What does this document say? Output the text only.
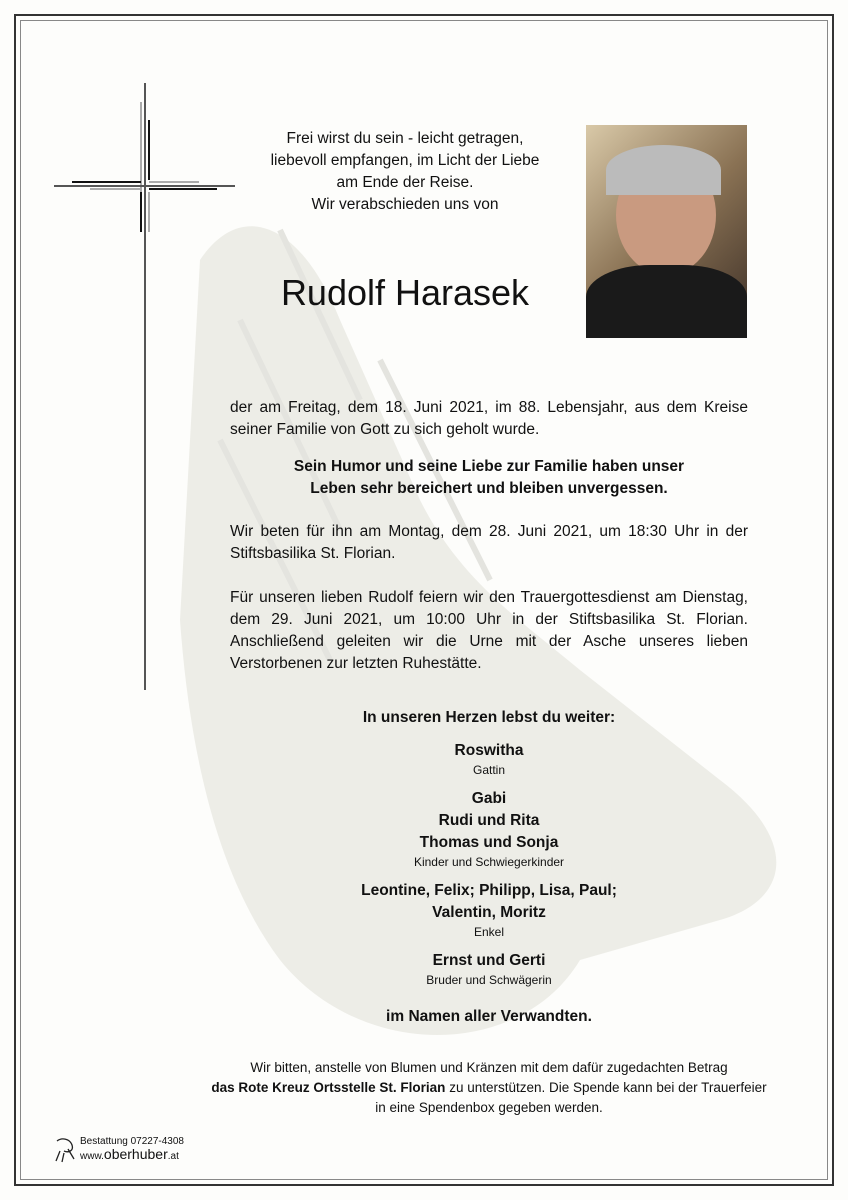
Frei wirst du sein - leicht getragen,
liebevoll empfangen, im Licht der Liebe
am Ende der Reise.
Wir verabschieden uns von
Rudolf Harasek
der am Freitag, dem 18. Juni 2021, im 88. Lebensjahr, aus dem Kreise seiner Familie von Gott zu sich geholt wurde.
Sein Humor und seine Liebe zur Familie haben unser
Leben sehr bereichert und bleiben unvergessen.
Wir beten für ihn am Montag, dem 28. Juni 2021, um 18:30 Uhr in der Stiftsbasilika St. Florian.
Für unseren lieben Rudolf feiern wir den Trauergottesdienst am Dienstag, dem 29. Juni 2021, um 10:00 Uhr in der Stiftsbasilika St. Florian. Anschließend geleiten wir die Urne mit der Asche unseres lieben Verstorbenen zur letzten Ruhestätte.
In unseren Herzen lebst du weiter:
Roswitha
Gattin
Gabi
Rudi und Rita
Thomas und Sonja
Kinder und Schwiegerkinder
Leontine, Felix; Philipp, Lisa, Paul;
Valentin, Moritz
Enkel
Ernst und Gerti
Bruder und Schwägerin
im Namen aller Verwandten.
Wir bitten, anstelle von Blumen und Kränzen mit dem dafür zugedachten Betrag
das Rote Kreuz Ortsstelle St. Florian zu unterstützen. Die Spende kann bei der Trauerfeier in eine Spendenbox gegeben werden.
Bestattung 07227-4308
www.oberhuber.at
